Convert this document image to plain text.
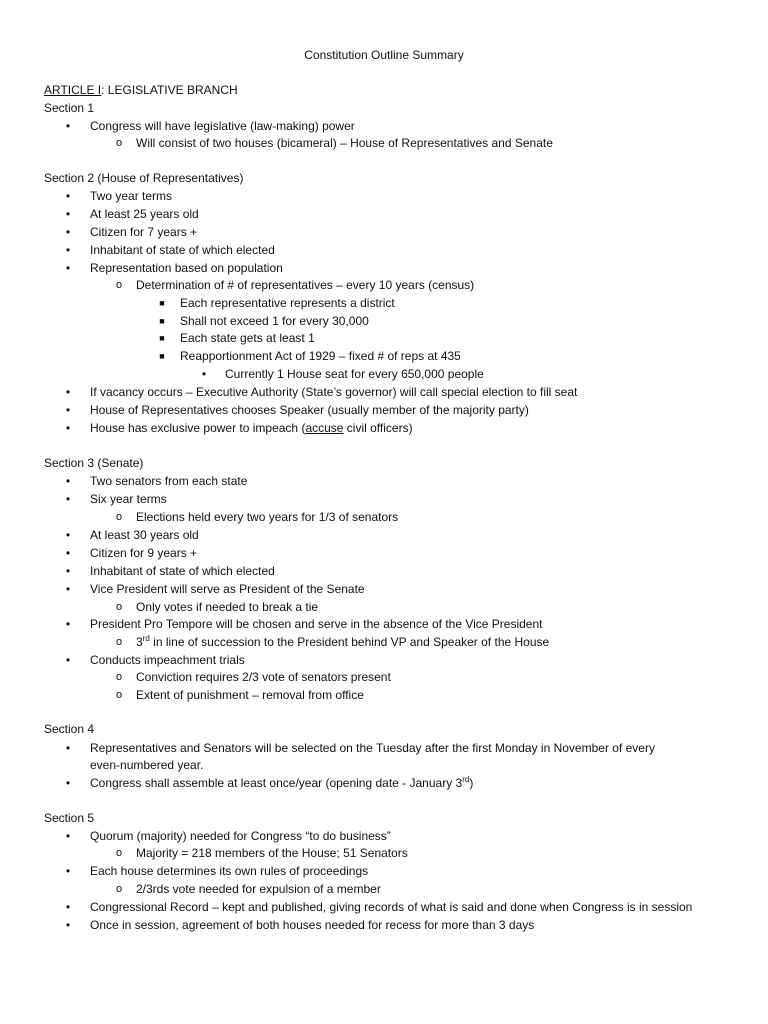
Constitution Outline Summary
ARTICLE I: LEGISLATIVE BRANCH
Section 1
•	Congress will have legislative (law-making) power
o Will consist of two houses (bicameral) – House of Representatives and Senate
Section 2 (House of Representatives)
•	Two year terms
•	At least 25 years old
•	Citizen for 7 years +
•	Inhabitant of state of which elected
•	Representation based on population
o Determination of # of representatives – every 10 years (census)
■ Each representative represents a district
■ Shall not exceed 1 for every 30,000
■ Each state gets at least 1
■ Reapportionment Act of 1929 – fixed # of reps at 435
•	Currently 1 House seat for every 650,000 people
•	If vacancy occurs – Executive Authority (State’s governor) will call special election to fill seat
•	House of Representatives chooses Speaker (usually member of the majority party)
•	House has exclusive power to impeach (accuse civil officers)
Section 3 (Senate)
•	Two senators from each state
•	Six year terms
o Elections held every two years for 1/3 of senators
•	At least 30 years old
•	Citizen for 9 years +
•	Inhabitant of state of which elected
•	Vice President will serve as President of the Senate
o Only votes if needed to break a tie
•	President Pro Tempore will be chosen and serve in the absence of the Vice President
o 3rd in line of succession to the President behind VP and Speaker of the House
•	Conducts impeachment trials
o Conviction requires 2/3 vote of senators present
o Extent of punishment – removal from office
Section 4
•	Representatives and Senators will be selected on the Tuesday after the first Monday in November of every
even-numbered year.
•	Congress shall assemble at least once/year (opening date - January 3rd)
Section 5
•	Quorum (majority) needed for Congress “to do business”
o Majority = 218 members of the House; 51 Senators
•	Each house determines its own rules of proceedings
o 2/3rds vote needed for expulsion of a member
•	Congressional Record – kept and published, giving records of what is said and done when Congress is in session
•	Once in session, agreement of both houses needed for recess for more than 3 days
